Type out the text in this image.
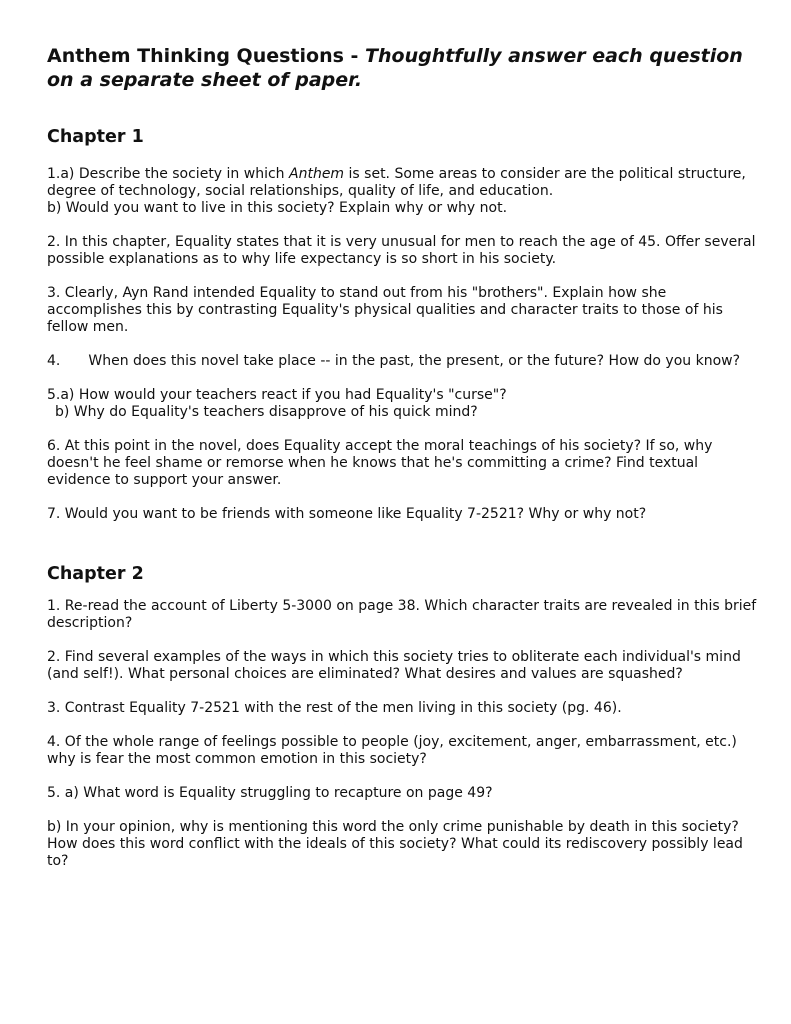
Anthem Thinking Questions - Thoughtfully answer each question on a separate sheet of paper.
Chapter 1

1.a) Describe the society in which Anthem is set. Some areas to consider are the political structure, degree of technology, social relationships, quality of life, and education.

b) Would you want to live in this society? Explain why or why not.

2. In this chapter, Equality states that it is very unusual for men to reach the age of 45. Offer several possible explanations as to why life expectancy is so short in his society.

3. Clearly, Ayn Rand intended Equality to stand out from his "brothers". Explain how she accomplishes this by contrasting Equality's physical qualities and character traits to those of his fellow men.

4. When does this novel take place -- in the past, the present, or the future? How do you know?

5.a) How would your teachers react if you had Equality's "curse"?

b) Why do Equality's teachers disapprove of his quick mind?

6. At this point in the novel, does Equality accept the moral teachings of his society? If so, why doesn't he feel shame or remorse when he knows that he's committing a crime? Find textual evidence to support your answer.

7. Would you want to be friends with someone like Equality 7-2521? Why or why not?

Chapter 2

1. Re-read the account of Liberty 5-3000 on page 38. Which character traits are revealed in this brief description?

2. Find several examples of the ways in which this society tries to obliterate each individual's mind (and self!). What personal choices are eliminated? What desires and values are squashed?

3. Contrast Equality 7-2521 with the rest of the men living in this society (pg. 46).

4. Of the whole range of feelings possible to people (joy, excitement, anger, embarrassment, etc.) why is fear the most common emotion in this society?

5. a) What word is Equality struggling to recapture on page 49?

b) In your opinion, why is mentioning this word the only crime punishable by death in this society? How does this word conflict with the ideals of this society? What could its rediscovery possibly lead to?
